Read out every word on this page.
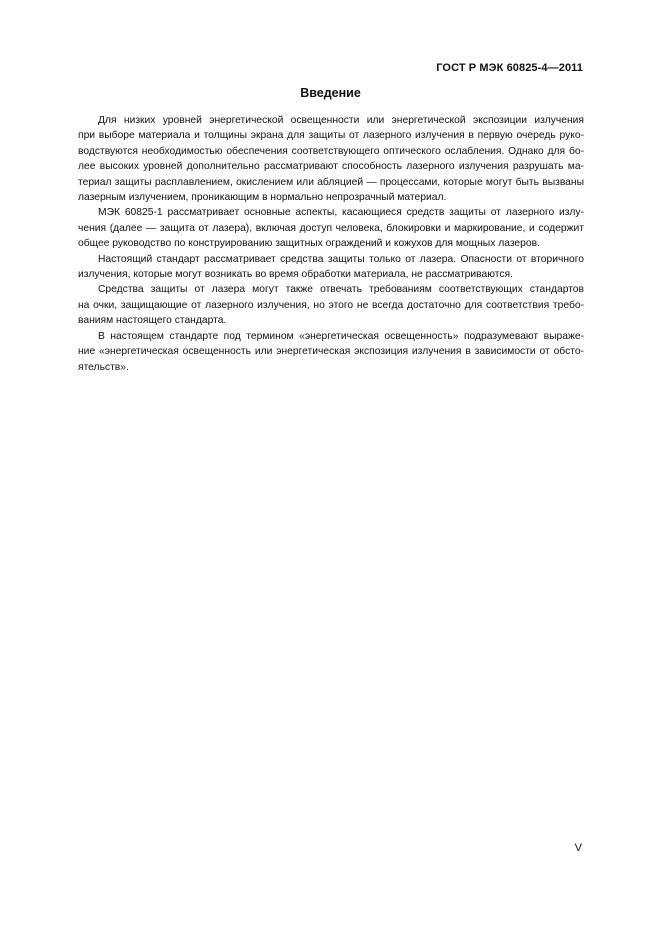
ГОСТ Р МЭК 60825-4—2011
Введение
Для низких уровней энергетической освещенности или энергетической экспозиции излучения
при выборе материала и толщины экрана для защиты от лазерного излучения в первую очередь руко-
водствуются необходимостью обеспечения соответствующего оптического ослабления. Однако для бо-
лее высоких уровней дополнительно рассматривают способность лазерного излучения разрушать ма-
териал защиты расплавлением, окислением или абляцией — процессами, которые могут быть вызваны
лазерным излучением, проникающим в нормально непрозрачный материал.
МЭК 60825-1 рассматривает основные аспекты, касающиеся средств защиты от лазерного излу-
чения (далее — защита от лазера), включая доступ человека, блокировки и маркирование, и содержит
общее руководство по конструированию защитных ограждений и кожухов для мощных лазеров.
Настоящий стандарт рассматривает средства защиты только от лазера. Опасности от вторичного
излучения, которые могут возникать во время обработки материала, не рассматриваются.
Средства защиты от лазера могут также отвечать требованиям соответствующих стандартов
на очки, защищающие от лазерного излучения, но этого не всегда достаточно для соответствия требо-
ваниям настоящего стандарта.
В настоящем стандарте под термином «энергетическая освещенность» подразумевают выраже-
ние «энергетическая освещенность или энергетическая экспозиция излучения в зависимости от обсто-
ятельств».
V
